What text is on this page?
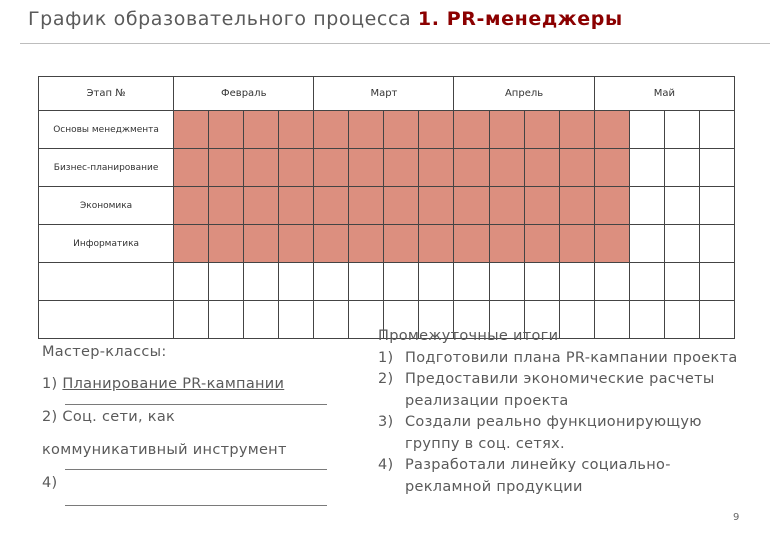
График образовательного процесса 1. PR-менеджеры
Этап №	Февраль				Март				Апрель				Май			
Основы менеджмента																
Бизнес-планирование																
Экономика																
Информатика																

Мастер-классы:
1) Планирование PR-кампании
2) Соц. сети, как
коммуникативный инструмент
4)
Промежуточные итоги
1) Подготовили плана PR-кампании проекта
2) Предоставили экономические расчеты реализации проекта
3) Создали реально функционирующую группу в соц. сетях.
4) Разработали линейку социально-рекламной продукции
9
